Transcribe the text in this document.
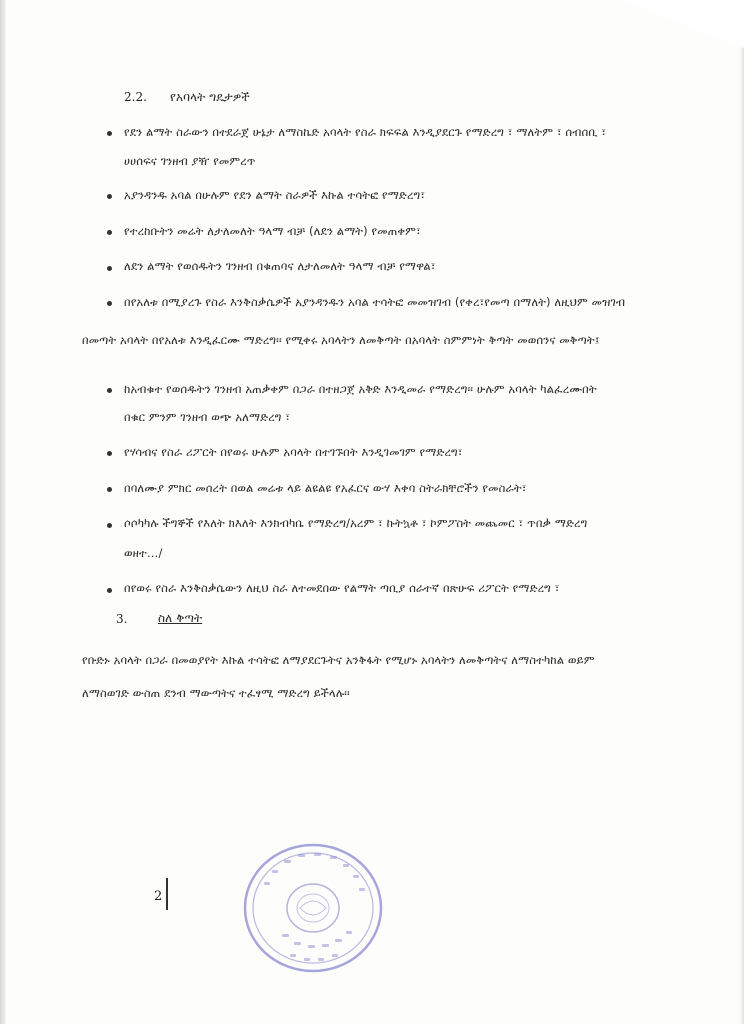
2.2. የአባላት ግዴታዎች
የደን ልማት ስራውን በተደራጀ ሁኔታ ለማስኬድ አባላት የስራ ክፍፍል እንዲያደርጉ የማድረግ ፣ ማለትም ፣ ሰብሰቢ ፣
ሀሀሰፍና ገንዘብ ያዥ የመምረጥ
አያንዳንዱ አባል በሁሉም የደን ልማት ስራዎች እኩል ተሳትፎ የማድረግ፣
የተረከቡትን መሬት ለታለመለት ዓላማ ብቻ (ለደን ልማት) የመጠቀም፣
ለደን ልማት የወሰዱትን ገንዘብ በቁጠባና ለታለመለት ዓላማ ብቻ የማዋል፣
በየአለቱ በሚያረጉ የስራ እንቅስቃሴዎች አያንዳንዱን አባል ተሳትፎ መመዝገብ (የቀረ፣የመጣ በማለት) ለዚህም መዝገብ
በመጣት አባላት በየአለቱ እንዲፈርሙ ማድረግ፡፡ የሚቀሩ አባላትን ለመቅጣት በአባላት ስምምነት ቅጣት መወሰንና መቅጣት፤
ከአብቁተ የወሰዱትን ገንዘብ አጠቃቀም በጋራ በተዘጋጀ አቅድ እንዲመራ የማድረግ፡፡ ሁሉም አባላት ካልፈረሙበት
በቁር ምንም ገንዘብ ወጭ አለማድረግ ፣
የሃሳብና የስራ ሪፖርት በየወሩ ሁሉም አባላት በተገኙበት እንዲገመገም የማድረግ፣
በባለሙያ ምክር መሰረት በወል መሬቱ ላይ ልዩልዩ የአፈርና ውሃ እቀባ ስትራክቸሮችን የመስራት፣
ሶሶካካሉ ችግኞች የእለት ክእለት እንክብካቤ የማድረግ/አረም ፣ ኩትኳቶ ፣ ኮምፖስት መጨመር ፣ ጥበቃ ማድረግ
ወዘተ…/
በየወሩ የስራ እንቅስቃሴውን ለዚህ ስራ ለተመደበው የልማት ጣቢያ ሰራተኛ በጽሁፍ ሪፖርት የማድረግ ፣
3.	ስለ ቅጣት
የቡድኑ አባላት በጋራ በመወያየት እኩል ተሳትፎ ለማያደርጉትና አንቅፋት የሚሆኑ አባላትን ለመቅጣትና ለማስተካከል ወይም
ለማስወገድ ውስጠ ደንብ ማውጣትና ተፈፃሚ ማድረግ ይችላሉ፡፡
2
